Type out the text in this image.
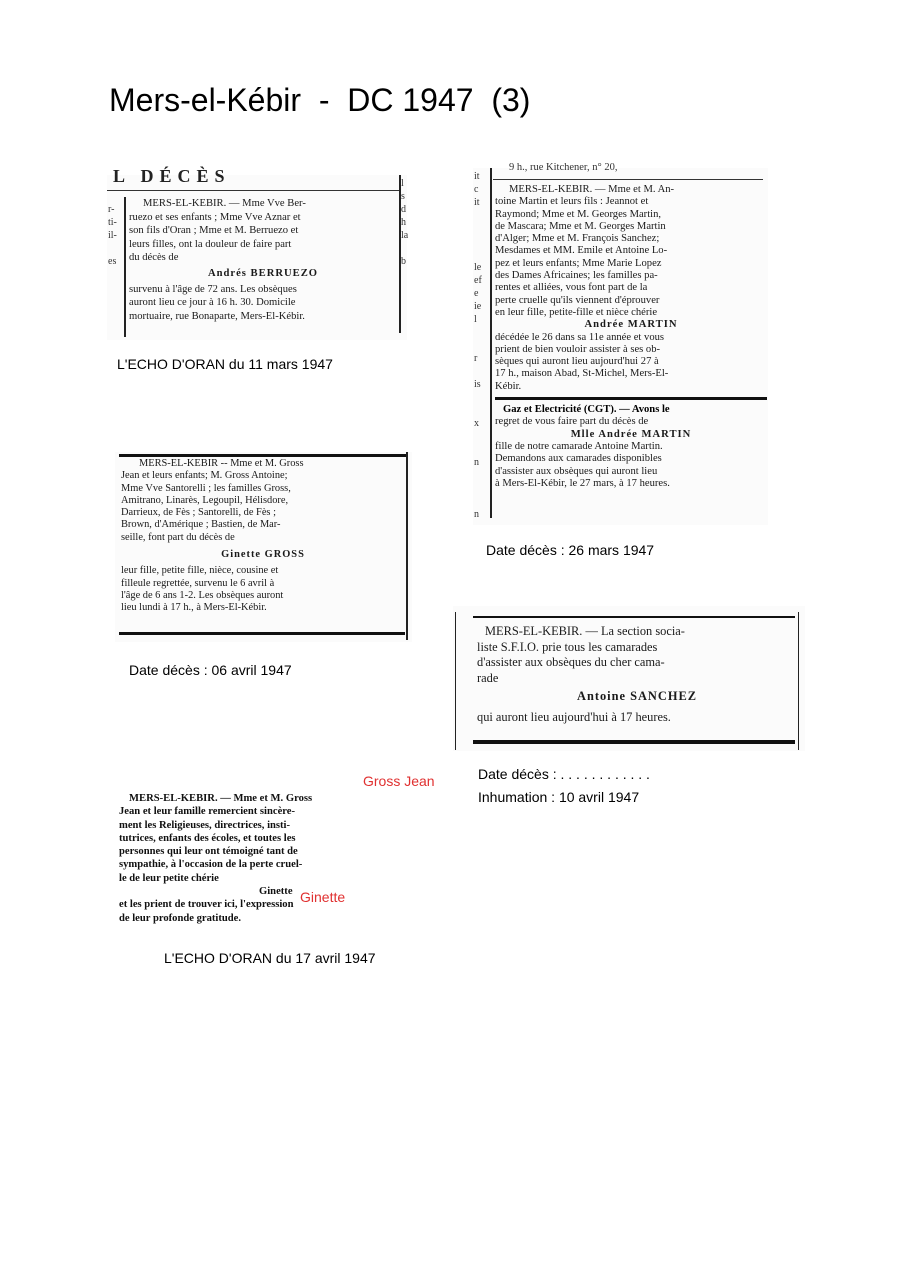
Mers-el-Kébir  -  DC 1947  (3)
L DÉCÈS
r-
ti-
il-

es

MERS-EL-KEBIR. — Mme Vve Ber-
ruezo et ses enfants ; Mme Vve Aznar et
son fils d'Oran ; Mme et M. Berruezo et
leurs filles, ont la douleur de faire part
du décès de
Andrés BERRUEZO
survenu à l'âge de 72 ans. Les obsèques
auront lieu ce jour à 16 h. 30. Domicile
mortuaire, rue Bonaparte, Mers-El-Kébir.
l
s
d
h
la

b
L'ECHO D'ORAN du 11 mars 1947
9 h., rue Kitchener, n° 20,
it
c
it

le
ef
e
ie
l

r

is

x

n

n
MERS-EL-KEBIR. — Mme et M. An-
toine Martin et leurs fils : Jeannot et
Raymond; Mme et M. Georges Martin,
de Mascara; Mme et M. Georges Martin
d'Alger; Mme et M. François Sanchez;
Mesdames et MM. Emile et Antoine Lo-
pez et leurs enfants; Mme Marie Lopez
des Dames Africaines; les familles pa-
rentes et alliées, vous font part de la
perte cruelle qu'ils viennent d'éprouver
en leur fille, petite-fille et nièce chérie
Andrée MARTIN
décédée le 26 dans sa 11e année et vous
prient de bien vouloir assister à ses ob-
sèques qui auront lieu aujourd'hui 27 à
17 h., maison Abad, St-Michel, Mers-El-
Kébir.
Gaz et Electricité (CGT). — Avons le
regret de vous faire part du décès de
Mlle Andrée MARTIN
fille de notre camarade Antoine Martin.
Demandons aux camarades disponibles
d'assister aux obsèques qui auront lieu
à Mers-El-Kébir, le 27 mars, à 17 heures.
Date décès : 26 mars 1947
MERS-EL-KEBIR -- Mme et M. Gross
Jean et leurs enfants; M. Gross Antoine;
Mme Vve Santorelli ; les familles Gross,
Amitrano, Linarès, Legoupil, Hélisdore,
Darrieux, de Fès ; Santorelli, de Fès ;
Brown, d'Amérique ; Bastien, de Mar-
seille, font part du décès de
Ginette GROSS
leur fille, petite fille, nièce, cousine et
filleule regrettée, survenu le 6 avril à
l'âge de 6 ans 1-2. Les obsèques auront
lieu lundi à 17 h., à Mers-El-Kébir.
Date décès : 06 avril 1947
MERS-EL-KEBIR. — La section socia-
liste S.F.I.O. prie tous les camarades
d'assister aux obsèques du cher cama-
rade
Antoine SANCHEZ
qui auront lieu aujourd'hui à 17 heures.
Date décès : . . . . . . . . . . . .
Inhumation : 10 avril 1947
Gross Jean
MERS-EL-KEBIR. — Mme et M. Gross
Jean et leur famille remercient sincère-
ment les Religieuses, directrices, insti-
tutrices, enfants des écoles, et toutes les
personnes qui leur ont témoigné tant de
sympathie, à l'occasion de la perte cruel-
le de leur petite chérie
Ginette
et les prient de trouver ici, l'expression
de leur profonde gratitude.
Ginette
L'ECHO D'ORAN du 17 avril 1947
